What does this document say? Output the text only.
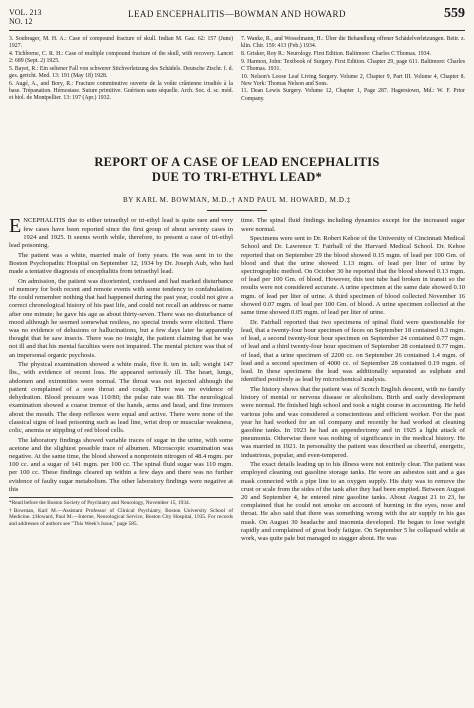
VOL. 213
NO. 12
LEAD ENCEPHALITIS—BOWMAN AND HOWARD	559
3. Soubrager, M. H. A.: Case of compound fracture of skull. Indian M. Gaz. 62: 157 (June) 1927.
4. Tichborne, C. R. H.: Case of multiple compound fracture of the skull, with recovery. Lancet 2: 689 (Sept. 2) 1925.
5. Bayet, R.: Ein seltener Fall von schwerer Stichverletzung des Schädels. Deutsche Ztschr. f. d. ges. gericht. Med. 13: 191 (May 18) 1928.
6. Augé, A., and Bory, R.: Fracture comminutive ouverte de la voûte crânienne irradiée à la base. Trépanation. Hémostase. Suture primitive. Guérison sans séquelle. Arch. Soc. d. sc. méd. et biol. de Montpellier. 13: 197 (Apr.) 1932.
7. Wanke, R., and Wesselmann, H.: Über die Behandlung offener Schädelverletzungen. Beitr. z. klin. Chir. 159: 413 (Feb.) 1934.
8. Grisker, Roy R.: Neurology. First Edition. Baltimore: Charles C Thomas. 1934.
9. Harmon, John: Textbook of Surgery. First Edition. Chapter 29, page 611. Baltimore: Charles C Thomas. 1931.
10. Nelson's Loose Leaf Living Surgery. Volume 2, Chapter 9, Part III. Volume 4, Chapter 8. New York: Thomas Nelson and Sons.
11. Dean Lewis Surgery. Volume 12, Chapter 1, Page 287. Hagerstown, Md.: W. F. Prior Company.
REPORT OF A CASE OF LEAD ENCEPHALITIS
DUE TO TRI-ETHYL LEAD*
BY KARL M. BOWMAN, M.D.,† AND PAUL M. HOWARD, M.D.‡

ENCEPHALITIS due to either tetraethyl or tri-ethyl lead is quite rare and very few cases have been reported since the first group of about seventy cases in 1924 and 1925. It seems worth while, therefore, to present a case of tri-ethyl lead poisoning.

The patient was a white, married male of forty years. He was sent in to the Boston Psychopathic Hospital on September 12, 1934 by Dr. Joseph Aub, who had made a tentative diagnosis of encephalitis from tetraethyl lead.

On admission, the patient was disoriented, confused and had marked disturbance of memory for both recent and remote events with some tendency to confabulation. He could remember nothing that had happened during the past year, could not give a correct chronological history of his past life, and could not recall an address or name after one minute; he gave his age as about thirty-seven. There was no disturbance of mood although he seemed somewhat restless, no special trends were elicited. There was no evidence of delusions or hallucinations, but a few days later he apparently thought that he saw insects. There was no insight, the patient claiming that he was not ill and that his mental faculties were not impaired. The mental picture was that of an impersonal organic psychosis.

The physical examination showed a white male, five ft. ten in. tall; weight 147 lbs., with evidence of recent loss. He appeared seriously ill. The heart, lungs, abdomen and extremities were normal. The throat was not injected although the patient complained of a sore throat and cough. There was no evidence of dehydration. Blood pressure was 110/80; the pulse rate was 80. The neurological examination showed a coarse tremor of the hands, arms and head, and fine tremors about the mouth. The deep reflexes were equal and active. There were none of the classical signs of lead poisoning such as lead line, wrist drop or muscular weakness, colic, anemia or stippling of red blood cells.

The laboratory findings showed variable traces of sugar in the urine, with some acetone and the slightest possible trace of albumen. Microscopic examination was negative. At the same time, the blood showed a nonprotein nitrogen of 48.4 mgm. per 100 cc. and a sugar of 141 mgm. per 100 cc. The spinal fluid sugar was 110 mgm. per 100 cc. These findings cleared up within a few days and there was no further evidence of faulty sugar metabolism. The other laboratory findings were negative at this

*Read before the Boston Society of Psychiatry and Neurology, November 15, 1934.
†Bowman, Karl M.—Assistant Professor of Clinical Psychiatry, Boston University School of Medicine. ‡Howard, Paul M.—Interne, Neurological Service, Boston City Hospital, 1935. For records and addresses of authors see "This Week's Issue," page 585.

time. The spinal fluid findings including dynamics except for the increased sugar were normal.

Specimens were sent to Dr. Robert Kehoe of the University of Cincinnati Medical School and Dr. Lawrence T. Fairhall of the Harvard Medical School. Dr. Kehoe reported that on September 29 the blood showed 0.15 mgm. of lead per 100 Gm. of blood and that the urine showed 1.13 mgm. of lead per liter of urine by spectrographic method. On October 30 he reported that the blood showed 0.13 mgm. of lead per 100 Gm. of blood. However, this test tube had broken in transit so the results were not considered accurate. A urine specimen at the same date showed 0.10 mgm. of lead per liter of urine. A third specimen of blood collected November 16 showed 0.07 mgm. of lead per 100 Gm. of blood. A urine specimen collected at the same time showed 0.05 mgm. of lead per liter of urine.

Dr. Fairhall reported that two specimens of spinal fluid were questionable for lead, that a twenty-four hour specimen of feces on September 18 contained 0.3 mgm. of lead, a second twenty-four hour specimen on September 24 contained 0.77 mgm. of lead and a third twenty-four hour specimen of September 28 contained 0.77 mgm. of lead, that a urine specimen of 2200 cc. on September 26 contained 1.4 mgm. of lead and a second specimen of 4000 cc. of September 28 contained 0.19 mgm. of lead. In these specimens the lead was additionally separated as sulphate and identified positively as lead by microchemical analysis.

The history shows that the patient was of Scotch English descent, with no family history of mental or nervous disease or alcoholism. Birth and early development were normal. He finished high school and took a night course in accounting. He held various jobs and was considered a conscientious and efficient worker. For the past year he had worked for an oil company and recently he had worked at cleaning gasoline tanks. In 1923 he had an appendectomy and in 1925 a light attack of pneumonia. Otherwise there was nothing of significance in the medical history. He was married in 1921. In personality the patient was described as cheerful, energetic, industrious, popular, and even-tempered.

The exact details leading up to his illness were not entirely clear. The patient was employed cleaning out gasoline storage tanks. He wore an asbestos suit and a gas mask connected with a pipe line to an oxygen supply. His duty was to remove the crust or scale from the sides of the tank after they had been emptied. Between August 20 and September 4, he entered nine gasoline tanks. About August 21 to 23, he complained that he could not smoke on account of burning in the eyes, nose and throat. He also said that there was something wrong with the air supply in his gas mask. On August 30 headache and insomnia developed. He began to lose weight rapidly and complained of great body fatigue. On September 5 he collapsed while at work, was quite pale but managed to stagger about. He was
